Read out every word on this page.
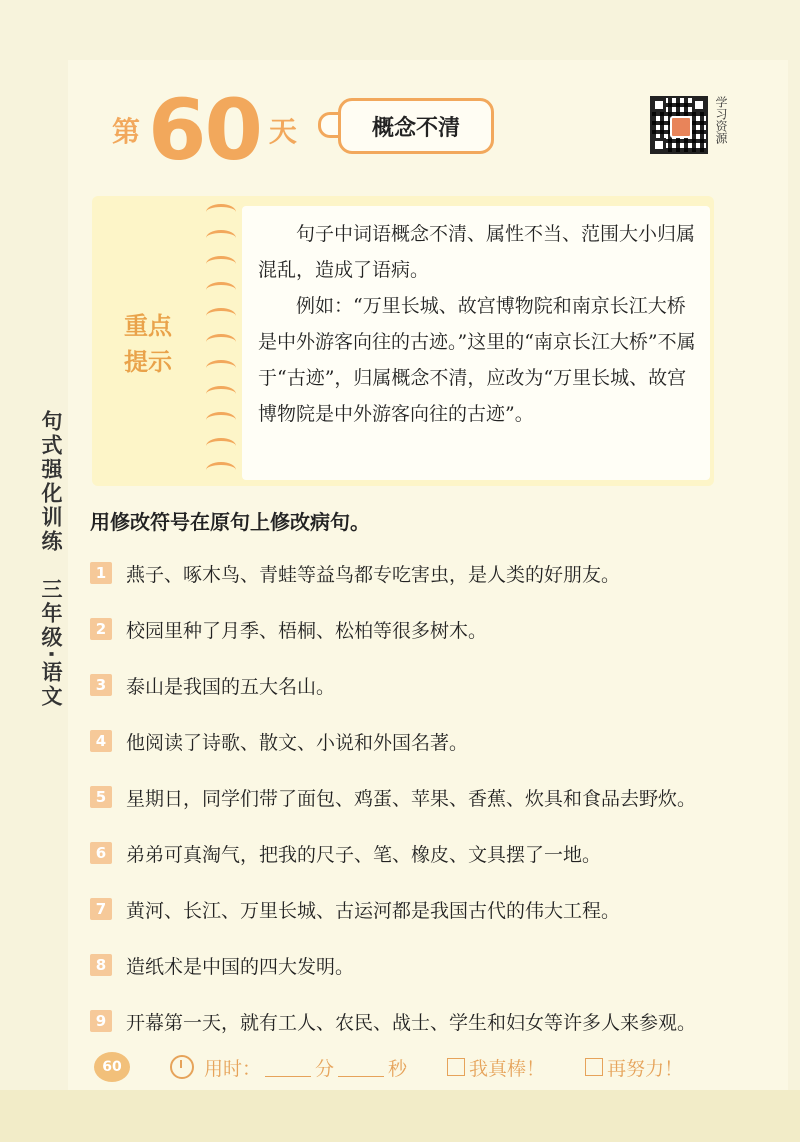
第 60 天	概念不清	学习资源
句式强化训练　三年级·语文
重点
提示

句子中词语概念不清、属性不当、范围大小归属混乱，造成了语病。

例如：“万里长城、故宫博物院和南京长江大桥是中外游客向往的古迹。”这里的“南京长江大桥”不属于“古迹”，归属概念不清，应改为“万里长城、故宫博物院是中外游客向往的古迹”。

用修改符号在原句上修改病句。
1	燕子、啄木鸟、青蛙等益鸟都专吃害虫，是人类的好朋友。
2	校园里种了月季、梧桐、松柏等很多树木。
3	泰山是我国的五大名山。
4	他阅读了诗歌、散文、小说和外国名著。
5	星期日，同学们带了面包、鸡蛋、苹果、香蕉、炊具和食品去野炊。
6	弟弟可真淘气，把我的尺子、笔、橡皮、文具摆了一地。
7	黄河、长江、万里长城、古运河都是我国古代的伟大工程。
8	造纸术是中国的四大发明。
9	开幕第一天，就有工人、农民、战士、学生和妇女等许多人来参观。
60	用时：	分	秒	我真棒！	再努力！
